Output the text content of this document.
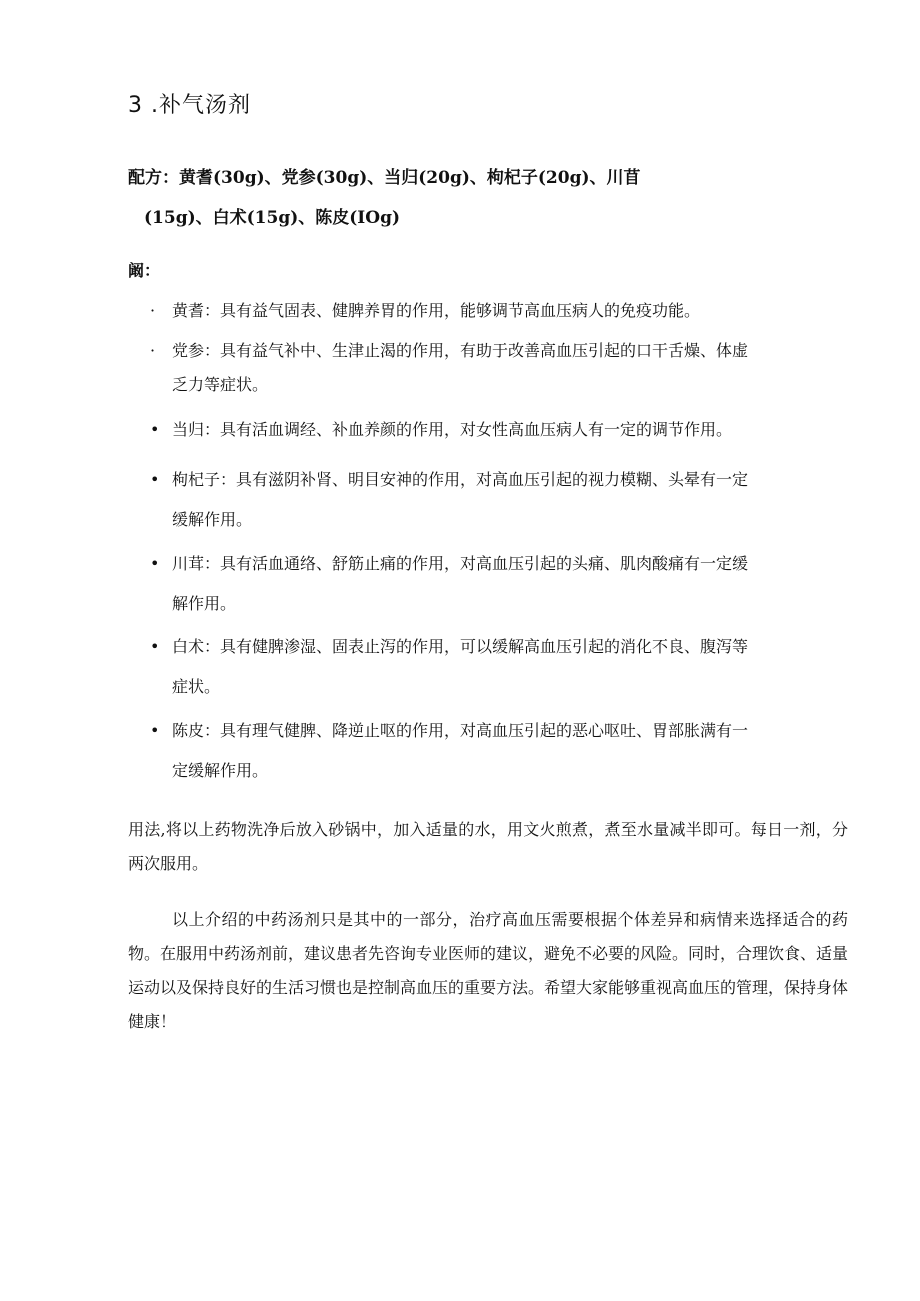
3 .补气汤剂
配方：黄耆(30g)、党参(30g)、当归(20g)、枸杞子(20g)、川苜
(15g)、白术(15g)、陈皮(IOg)
阚：
· 黄耆：具有益气固表、健脾养胃的作用，能够调节高血压病人的免疫功能。
· 党参：具有益气补中、生津止渴的作用，有助于改善高血压引起的口干舌燥、体虚
乏力等症状。
• 当归：具有活血调经、补血养颜的作用，对女性高血压病人有一定的调节作用。
• 枸杞子：具有滋阴补肾、明目安神的作用，对高血压引起的视力模糊、头晕有一定
缓解作用。
• 川茸：具有活血通络、舒筋止痛的作用，对高血压引起的头痛、肌肉酸痛有一定缓
解作用。
• 白术：具有健脾渗湿、固表止泻的作用，可以缓解高血压引起的消化不良、腹泻等
症状。
• 陈皮：具有理气健脾、降逆止呕的作用，对高血压引起的恶心呕吐、胃部胀满有一
定缓解作用。
用法,将以上药物洗净后放入砂锅中，加入适量的水，用文火煎煮，煮至水量减半即可。每日一剂，分两次服用。
以上介绍的中药汤剂只是其中的一部分，治疗高血压需要根据个体差异和病情来选择适合的药物。在服用中药汤剂前，建议患者先咨询专业医师的建议，避免不必要的风险。同时，合理饮食、适量运动以及保持良好的生活习惯也是控制高血压的重要方法。希望大家能够重视高血压的管理，保持身体健康！
